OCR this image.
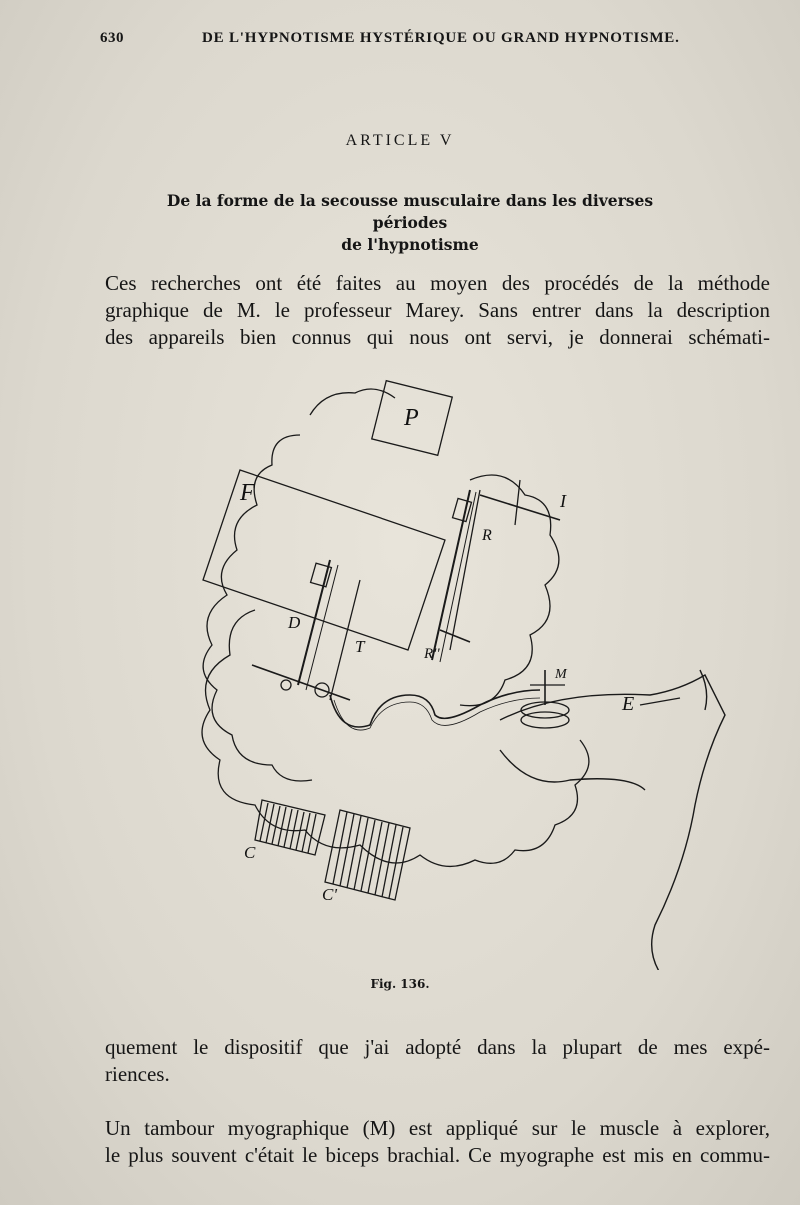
630	DE L'HYPNOTISME HYSTÉRIQUE OU GRAND HYPNOTISME.
ARTICLE V
De la forme de la secousse musculaire dans les diverses périodes
de l'hypnotisme
Ces recherches ont été faites au moyen des procédés de la méthode
graphique de M. le professeur Marey. Sans entrer dans la description
des appareils bien connus qui nous ont servi, je donnerai schémati-
P
F	I
R
R''
D
T
E
M
C
C'
Fig. 136.
quement le dispositif que j'ai adopté dans la plupart de mes expé-
riences.
Un tambour myographique (M) est appliqué sur le muscle à explorer,
le plus souvent c'était le biceps brachial. Ce myographe est mis en commu-
